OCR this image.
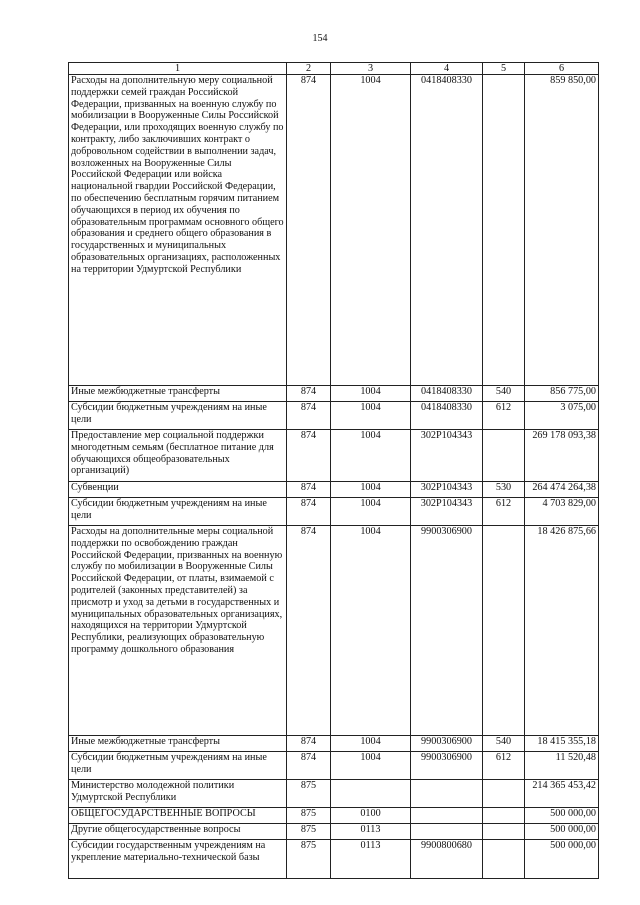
154
1	2	3	4	5	6
Расходы на дополнительную меру социальной поддержки семей граждан Российской Федерации, призванных на военную службу по мобилизации в Вооруженные Силы Российской Федерации, или проходящих военную службу по контракту, либо заключивших контракт о добровольном содействии в выполнении задач, возложенных на Вооруженные Силы Российской Федерации или войска национальной гвардии Российской Федерации, по обеспечению бесплатным горячим питанием обучающихся в период их обучения по образовательным программам основного общего образования и среднего общего образования в государственных и муниципальных образовательных организациях, расположенных на территории Удмуртской Республики	874	1004	0418408330		859 850,00
Иные межбюджетные трансферты	874	1004	0418408330	540	856 775,00
Субсидии бюджетным учреждениям на иные цели	874	1004	0418408330	612	3 075,00
Предоставление мер социальной поддержки многодетным семьям (бесплатное питание для обучающихся общеобразовательных организаций)	874	1004	302Р104343		269 178 093,38
Субвенции	874	1004	302Р104343	530	264 474 264,38
Субсидии бюджетным учреждениям на иные цели	874	1004	302Р104343	612	4 703 829,00
Расходы на дополнительные меры социальной поддержки по освобождению граждан Российской Федерации, призванных на военную службу по мобилизации в Вооруженные Силы Российской Федерации, от платы, взимаемой с родителей (законных представителей) за присмотр и уход за детьми в государственных и муниципальных образовательных организациях, находящихся на территории Удмуртской Республики, реализующих образовательную программу дошкольного образования	874	1004	9900306900		18 426 875,66
Иные межбюджетные трансферты	874	1004	9900306900	540	18 415 355,18
Субсидии бюджетным учреждениям на иные цели	874	1004	9900306900	612	11 520,48
Министерство молодежной политики Удмуртской Республики	875				214 365 453,42
ОБЩЕГОСУДАРСТВЕННЫЕ ВОПРОСЫ	875	0100			500 000,00
Другие общегосударственные вопросы	875	0113			500 000,00
Субсидии государственным учреждениям на укрепление материально-технической базы	875	0113	9900800680		500 000,00
